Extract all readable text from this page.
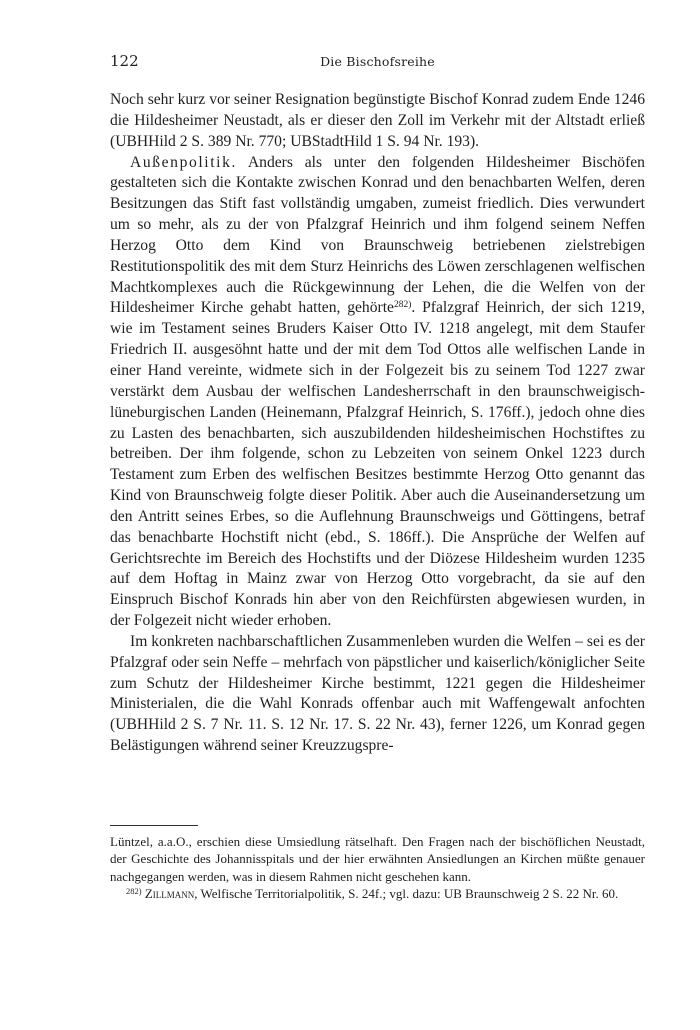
122	Die Bischofsreihe

Noch sehr kurz vor seiner Resignation begünstigte Bischof Konrad zudem Ende 1246 die Hildesheimer Neustadt, als er dieser den Zoll im Verkehr mit der Altstadt erließ (UBHHild 2 S. 389 Nr. 770; UBStadtHild 1 S. 94 Nr. 193).

Außenpolitik. Anders als unter den folgenden Hildesheimer Bischöfen gestalteten sich die Kontakte zwischen Konrad und den benachbarten Welfen, deren Besitzungen das Stift fast vollständig umgaben, zumeist friedlich. Dies verwundert um so mehr, als zu der von Pfalzgraf Heinrich und ihm folgend seinem Neffen Herzog Otto dem Kind von Braunschweig betriebenen zielstrebigen Restitutionspolitik des mit dem Sturz Heinrichs des Löwen zerschlagenen welfischen Machtkomplexes auch die Rückgewinnung der Lehen, die die Welfen von der Hildesheimer Kirche gehabt hatten, gehörte$^{282)}$. Pfalzgraf Heinrich, der sich 1219, wie im Testament seines Bruders Kaiser Otto IV. 1218 angelegt, mit dem Staufer Friedrich II. ausgesöhnt hatte und der mit dem Tod Ottos alle welfischen Lande in einer Hand vereinte, widmete sich in der Folgezeit bis zu seinem Tod 1227 zwar verstärkt dem Ausbau der welfischen Landesherrschaft in den braunschweigisch-lüneburgischen Landen (Heinemann, Pfalzgraf Heinrich, S. 176ff.), jedoch ohne dies zu Lasten des benachbarten, sich auszubildenden hildesheimischen Hochstiftes zu betreiben. Der ihm folgende, schon zu Lebzeiten von seinem Onkel 1223 durch Testament zum Erben des welfischen Besitzes bestimmte Herzog Otto genannt das Kind von Braunschweig folgte dieser Politik. Aber auch die Auseinandersetzung um den Antritt seines Erbes, so die Auflehnung Braunschweigs und Göttingens, betraf das benachbarte Hochstift nicht (ebd., S. 186ff.). Die Ansprüche der Welfen auf Gerichtsrechte im Bereich des Hochstifts und der Diözese Hildesheim wurden 1235 auf dem Hoftag in Mainz zwar von Herzog Otto vorgebracht, da sie auf den Einspruch Bischof Konrads hin aber von den Reichfürsten abgewiesen wurden, in der Folgezeit nicht wieder erhoben.

Im konkreten nachbarschaftlichen Zusammenleben wurden die Welfen – sei es der Pfalzgraf oder sein Neffe – mehrfach von päpstlicher und kaiserlich/königlicher Seite zum Schutz der Hildesheimer Kirche bestimmt, 1221 gegen die Hildesheimer Ministerialen, die die Wahl Konrads offenbar auch mit Waffengewalt anfochten (UBHHild 2 S. 7 Nr. 11. S. 12 Nr. 17. S. 22 Nr. 43), ferner 1226, um Konrad gegen Belästigungen während seiner Kreuzzugspre-

Lüntzel, a.a.O., erschien diese Umsiedlung rätselhaft. Den Fragen nach der bischöflichen Neustadt, der Geschichte des Johannisspitals und der hier erwähnten Ansiedlungen an Kirchen müßte genauer nachgegangen werden, was in diesem Rahmen nicht geschehen kann.

$^{282)}$ Zillmann, Welfische Territorialpolitik, S. 24f.; vgl. dazu: UB Braunschweig 2 S. 22 Nr. 60.
